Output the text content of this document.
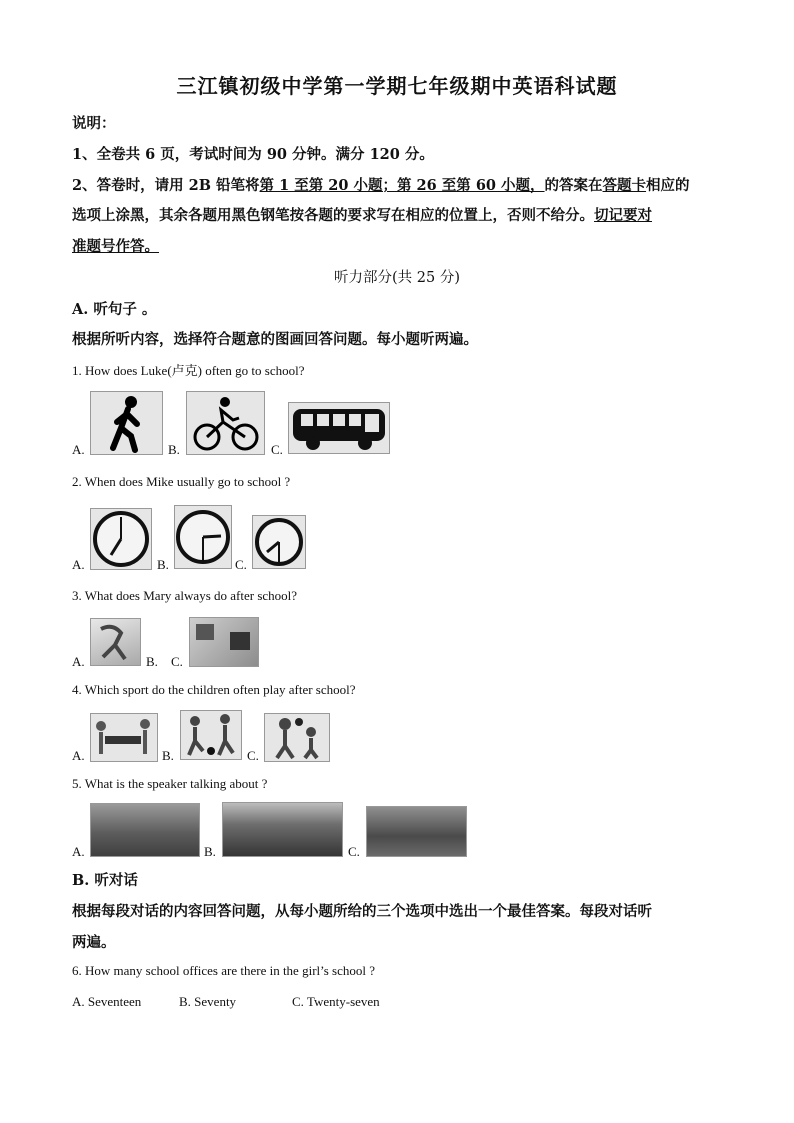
三江镇初级中学第一学期七年级期中英语科试题
说明：
1、全卷共 6 页，考试时间为 90 分钟。满分 120 分。
2、答卷时，请用 2B 铅笔将第 1 至第 20 小题；第 26 至第 60 小题，的答案在答题卡相应的
选项上涂黑，其余各题用黑色钢笔按各题的要求写在相应的位置上，否则不给分。切记要对
准题号作答。
听力部分(共 25 分)
A. 听句子 。
根据所听内容，选择符合题意的图画回答问题。每小题听两遍。
1. How does Luke(卢克) often go to school?
A.	B.	C.
2. When does Mike usually go to school ?
A.	B.	C.
3. What does Mary always do after school?
A.	B. C.
4. Which sport do the children often play after school?
A.	B.	C.
5. What is the speaker talking about ?
A.	B.	C.
B. 听对话
根据每段对话的内容回答问题，从每小题所给的三个选项中选出一个最佳答案。每段对话听
两遍。
6. How many school offices are there in the girl’s school ?
A. Seventeen	B. Seventy	C. Twenty-seven
